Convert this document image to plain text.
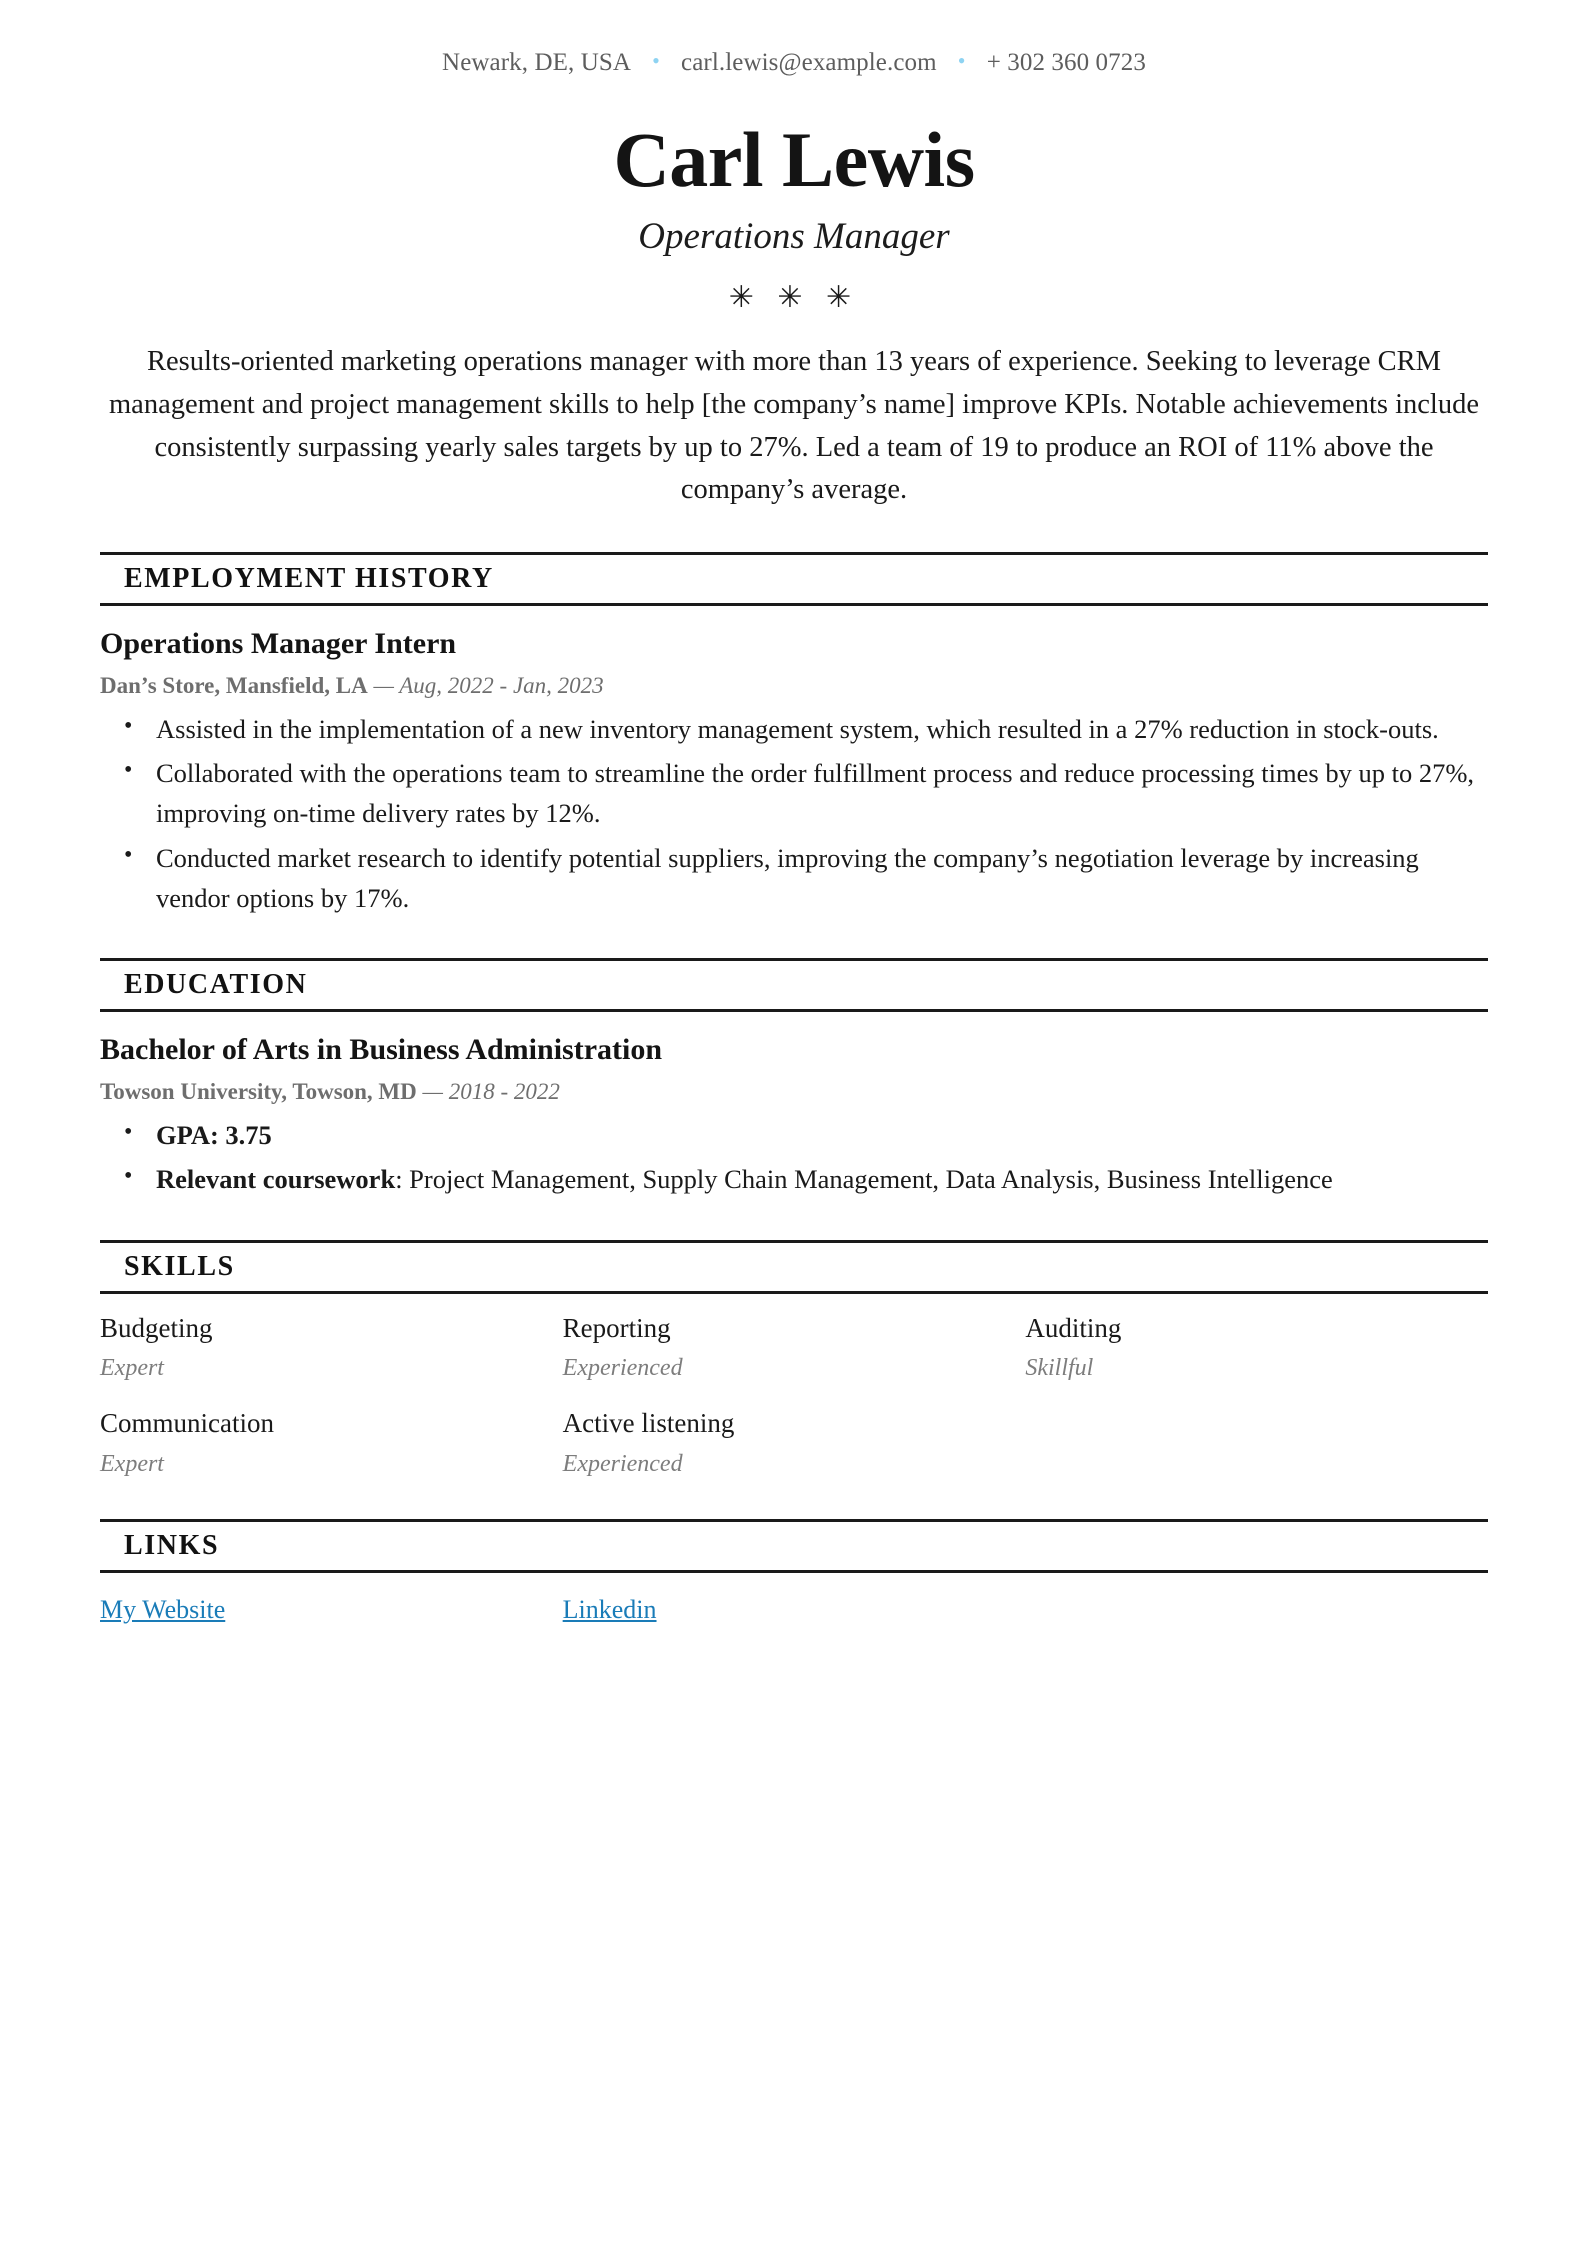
Newark, DE, USA • carl.lewis@example.com • + 302 360 0723
Carl Lewis
Operations Manager
✳ ✳ ✳
Results-oriented marketing operations manager with more than 13 years of experience. Seeking to leverage CRM management and project management skills to help [the company’s name] improve KPIs. Notable achievements include consistently surpassing yearly sales targets by up to 27%. Led a team of 19 to produce an ROI of 11% above the company’s average.
EMPLOYMENT HISTORY
Operations Manager Intern
Dan’s Store, Mansfield, LA — Aug, 2022 - Jan, 2023
• Assisted in the implementation of a new inventory management system, which resulted in a 27% reduction in stock-outs.
• Collaborated with the operations team to streamline the order fulfillment process and reduce processing times by up to 27%, improving on-time delivery rates by 12%.
• Conducted market research to identify potential suppliers, improving the company’s negotiation leverage by increasing vendor options by 17%.
EDUCATION
Bachelor of Arts in Business Administration
Towson University, Towson, MD — 2018 - 2022
• GPA: 3.75
• Relevant coursework: Project Management, Supply Chain Management, Data Analysis, Business Intelligence
SKILLS
Budgeting
Expert
Reporting
Experienced
Auditing
Skillful
Communication
Expert
Active listening
Experienced
LINKS
My Website	Linkedin
